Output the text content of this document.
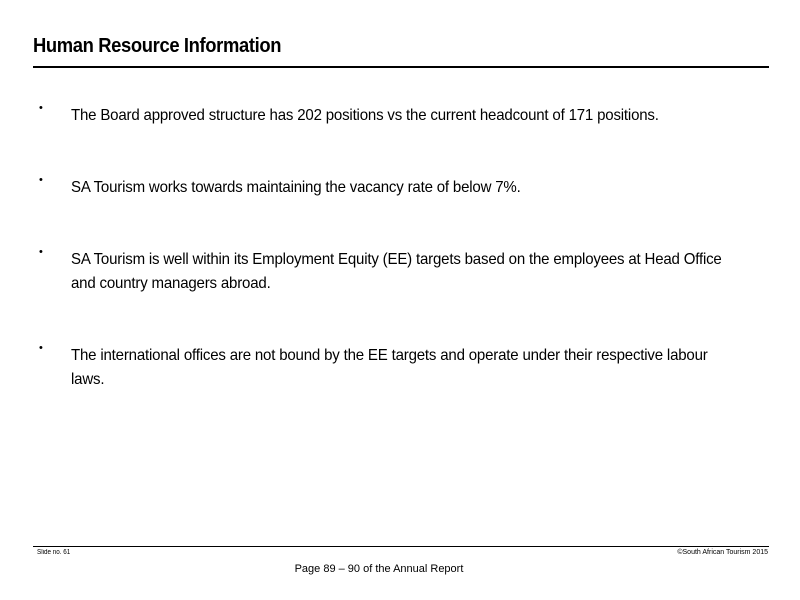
Human Resource Information
• The Board approved structure has 202 positions vs the current headcount of 171 positions.
• SA Tourism works towards maintaining the vacancy rate of below 7%.
• SA Tourism is well within its Employment Equity (EE) targets based on the employees at Head Office and country managers abroad.
• The international offices are not bound by the EE targets and operate under their respective labour laws.
Slide no. 61	©South African Tourism 2015
Page 89 – 90 of the Annual Report
